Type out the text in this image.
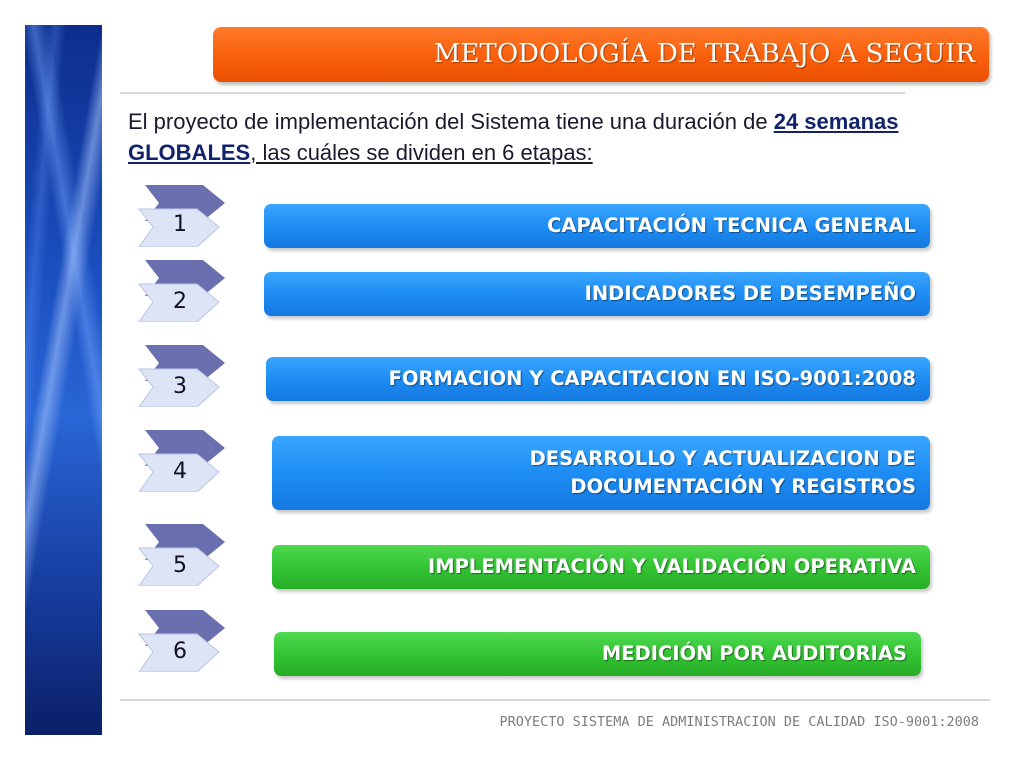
METODOLOGÍA DE TRABAJO A SEGUIR

El proyecto de implementación del Sistema tiene una duración de 24 semanas GLOBALES, las cuáles se dividen en 6 etapas:

1	CAPACITACIÓN TECNICA GENERAL
2	INDICADORES DE DESEMPEÑO
3	FORMACION Y CAPACITACION EN ISO-9001:2008
4
DESARROLLO Y ACTUALIZACION DE
DOCUMENTACIÓN Y REGISTROS
5	IMPLEMENTACIÓN Y VALIDACIÓN OPERATIVA
6	MEDICIÓN POR AUDITORIAS
PROYECTO SISTEMA DE ADMINISTRACION DE CALIDAD ISO-9001:2008
